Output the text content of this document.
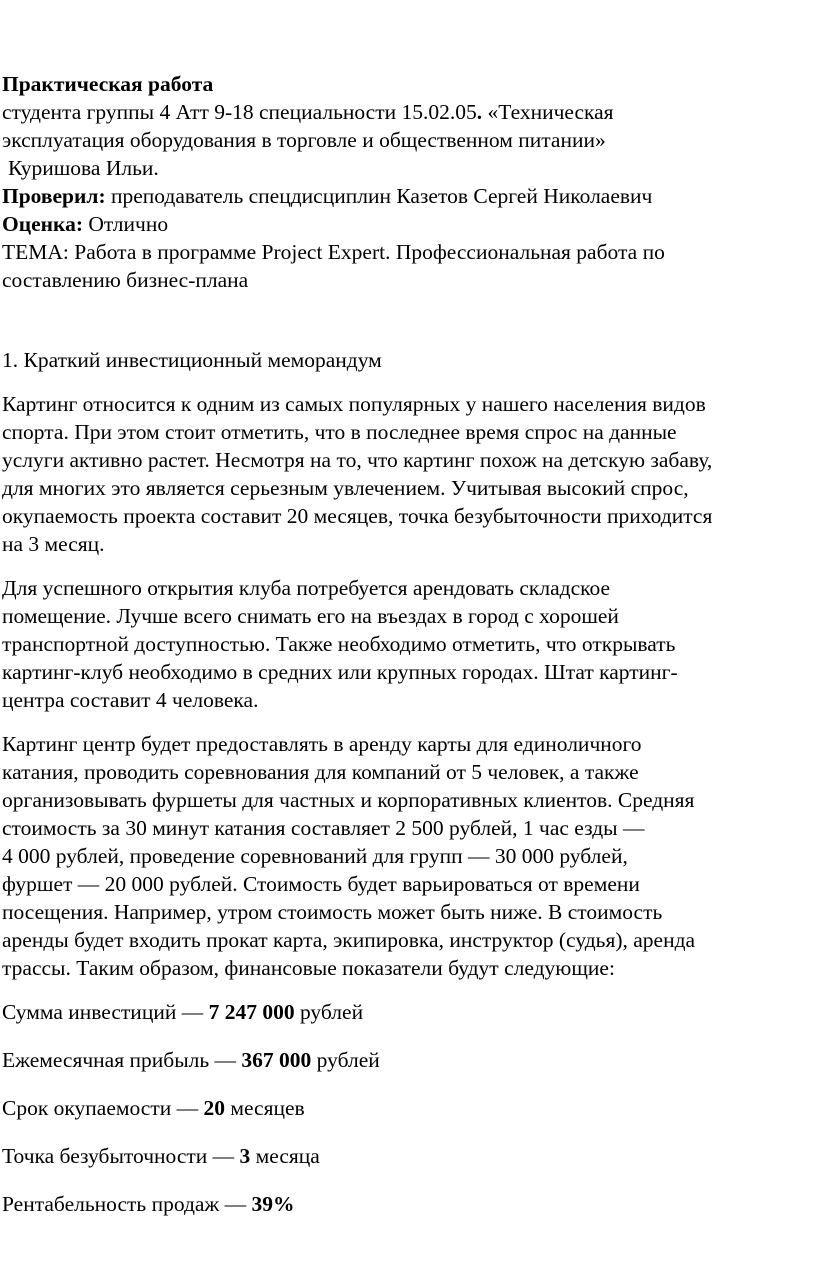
Практическая работа

студента группы 4 Атт 9-18 специальности 15.02.05. «Техническая

эксплуатация оборудования в торговле и общественном питании»

Куришова Ильи.

Проверил: преподаватель спецдисциплин Казетов Сергей Николаевич

Оценка: Отлично

ТЕМА: Работа в программе Project Expert. Профессиональная работа по

составлению бизнес-плана

1. Краткий инвестиционный меморандум

Картинг относится к одним из самых популярных у нашего населения видов

спорта. При этом стоит отметить, что в последнее время спрос на данные

услуги активно растет. Несмотря на то, что картинг похож на детскую забаву,

для многих это является серьезным увлечением. Учитывая высокий спрос,

окупаемость проекта составит 20 месяцев, точка безубыточности приходится

на 3 месяц.

Для успешного открытия клуба потребуется арендовать складское

помещение. Лучше всего снимать его на въездах в город с хорошей

транспортной доступностью. Также необходимо отметить, что открывать

картинг-клуб необходимо в средних или крупных городах. Штат картинг-

центра составит 4 человека.

Картинг центр будет предоставлять в аренду карты для единоличного

катания, проводить соревнования для компаний от 5 человек, а также

организовывать фуршеты для частных и корпоративных клиентов. Средняя

стоимость за 30 минут катания составляет 2 500 рублей, 1 час езды —

4 000 рублей, проведение соревнований для групп — 30 000 рублей,

фуршет — 20 000 рублей. Стоимость будет варьироваться от времени

посещения. Например, утром стоимость может быть ниже. В стоимость

аренды будет входить прокат карта, экипировка, инструктор (судья), аренда

трассы. Таким образом, финансовые показатели будут следующие:

Сумма инвестиций — 7 247 000 рублей

Ежемесячная прибыль — 367 000 рублей

Срок окупаемости — 20 месяцев

Точка безубыточности — 3 месяца

Рентабельность продаж — 39%
